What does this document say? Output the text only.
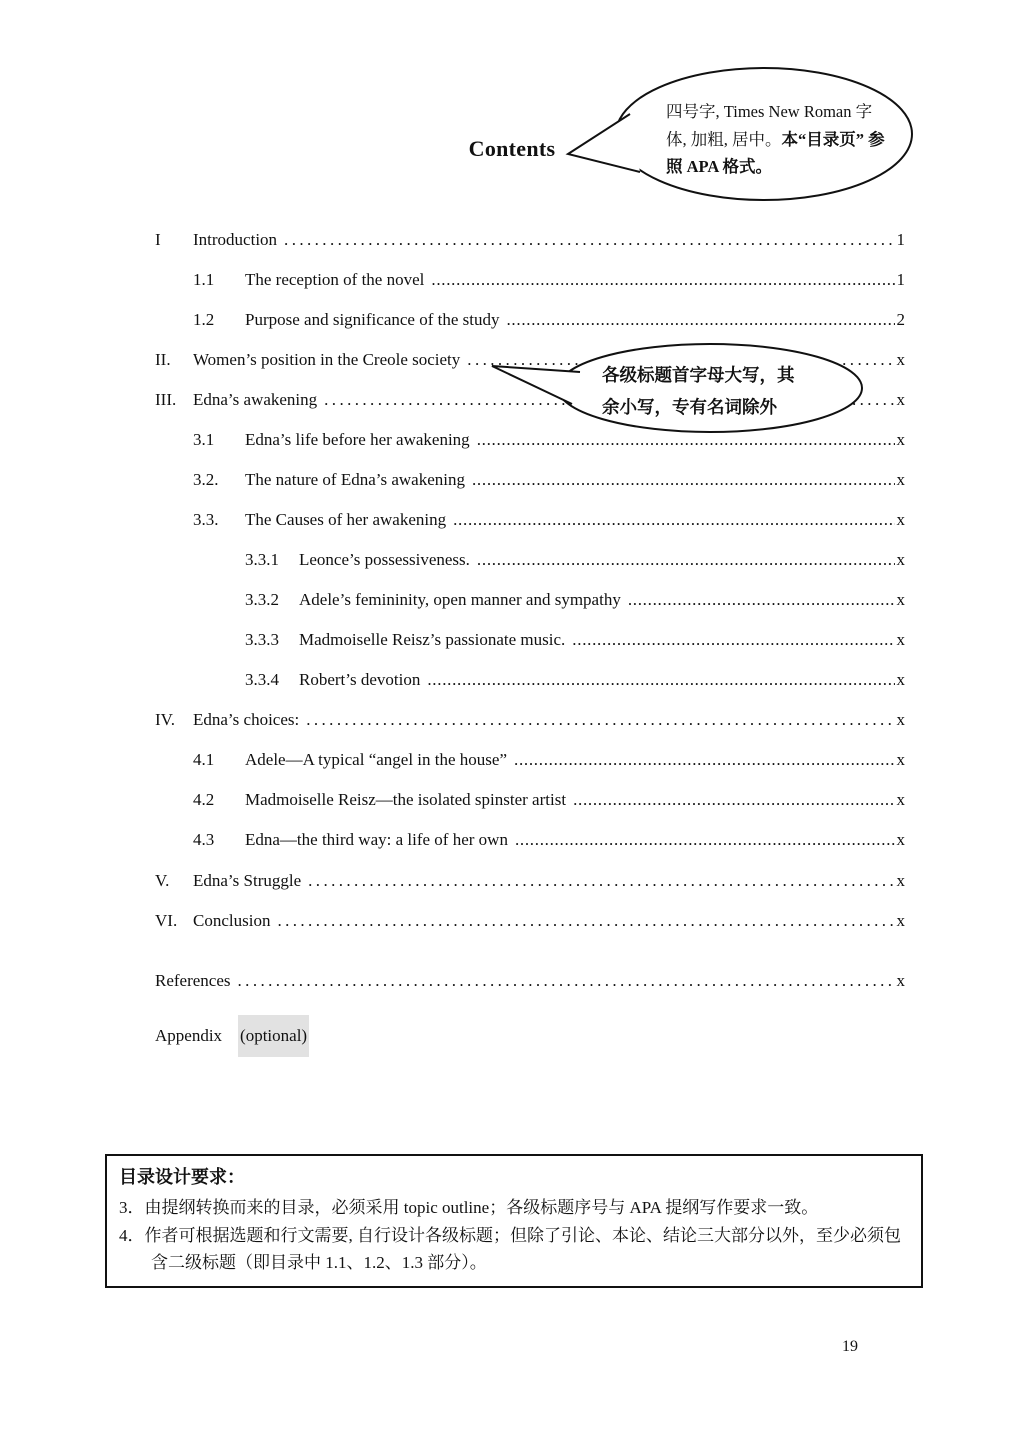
Contents
I	Introduction .....	1
1.1	The reception of the novel .....	1
1.2	Purpose and significance of the study .....	2
II.	Women’s position in the Creole society .....	x
III. Edna’s awakening .....	x
3.1	Edna’s life before her awakening .....	x
3.2.	The nature of Edna’s awakening .....	x
3.3.	The Causes of her awakening .....	x
3.3.1	Leonce’s possessiveness. .....	x
3.3.2	Adele’s femininity, open manner and sympathy .....	x
3.3.3	Madmoiselle Reisz’s passionate music. .....	x
3.3.4	Robert’s devotion .....	x
IV.	Edna’s choices: .....	x
4.1	Adele—A typical “angel in the house” .....	x
4.2	Madmoiselle Reisz—the isolated spinster artist .....	x
4.3	Edna—the third way: a life of her own .....	x
V.	Edna’s Struggle .....	x
VI. Conclusion .....	x
References .....	x
Appendix (optional)
四号字, Times New Roman 字体, 加粗, 居中。本“目录页” 参照 APA 格式。
各级标题首字母大写，其余小写，专有名词除外

目录设计要求：

3．由提纲转换而来的目录，必须采用 topic outline；各级标题序号与 APA 提纲写作要求一致。

4．作者可根据选题和行文需要, 自行设计各级标题；但除了引论、本论、结论三大部分以外，至少必须包含二级标题（即目录中 1.1、1.2、1.3 部分）。

19
